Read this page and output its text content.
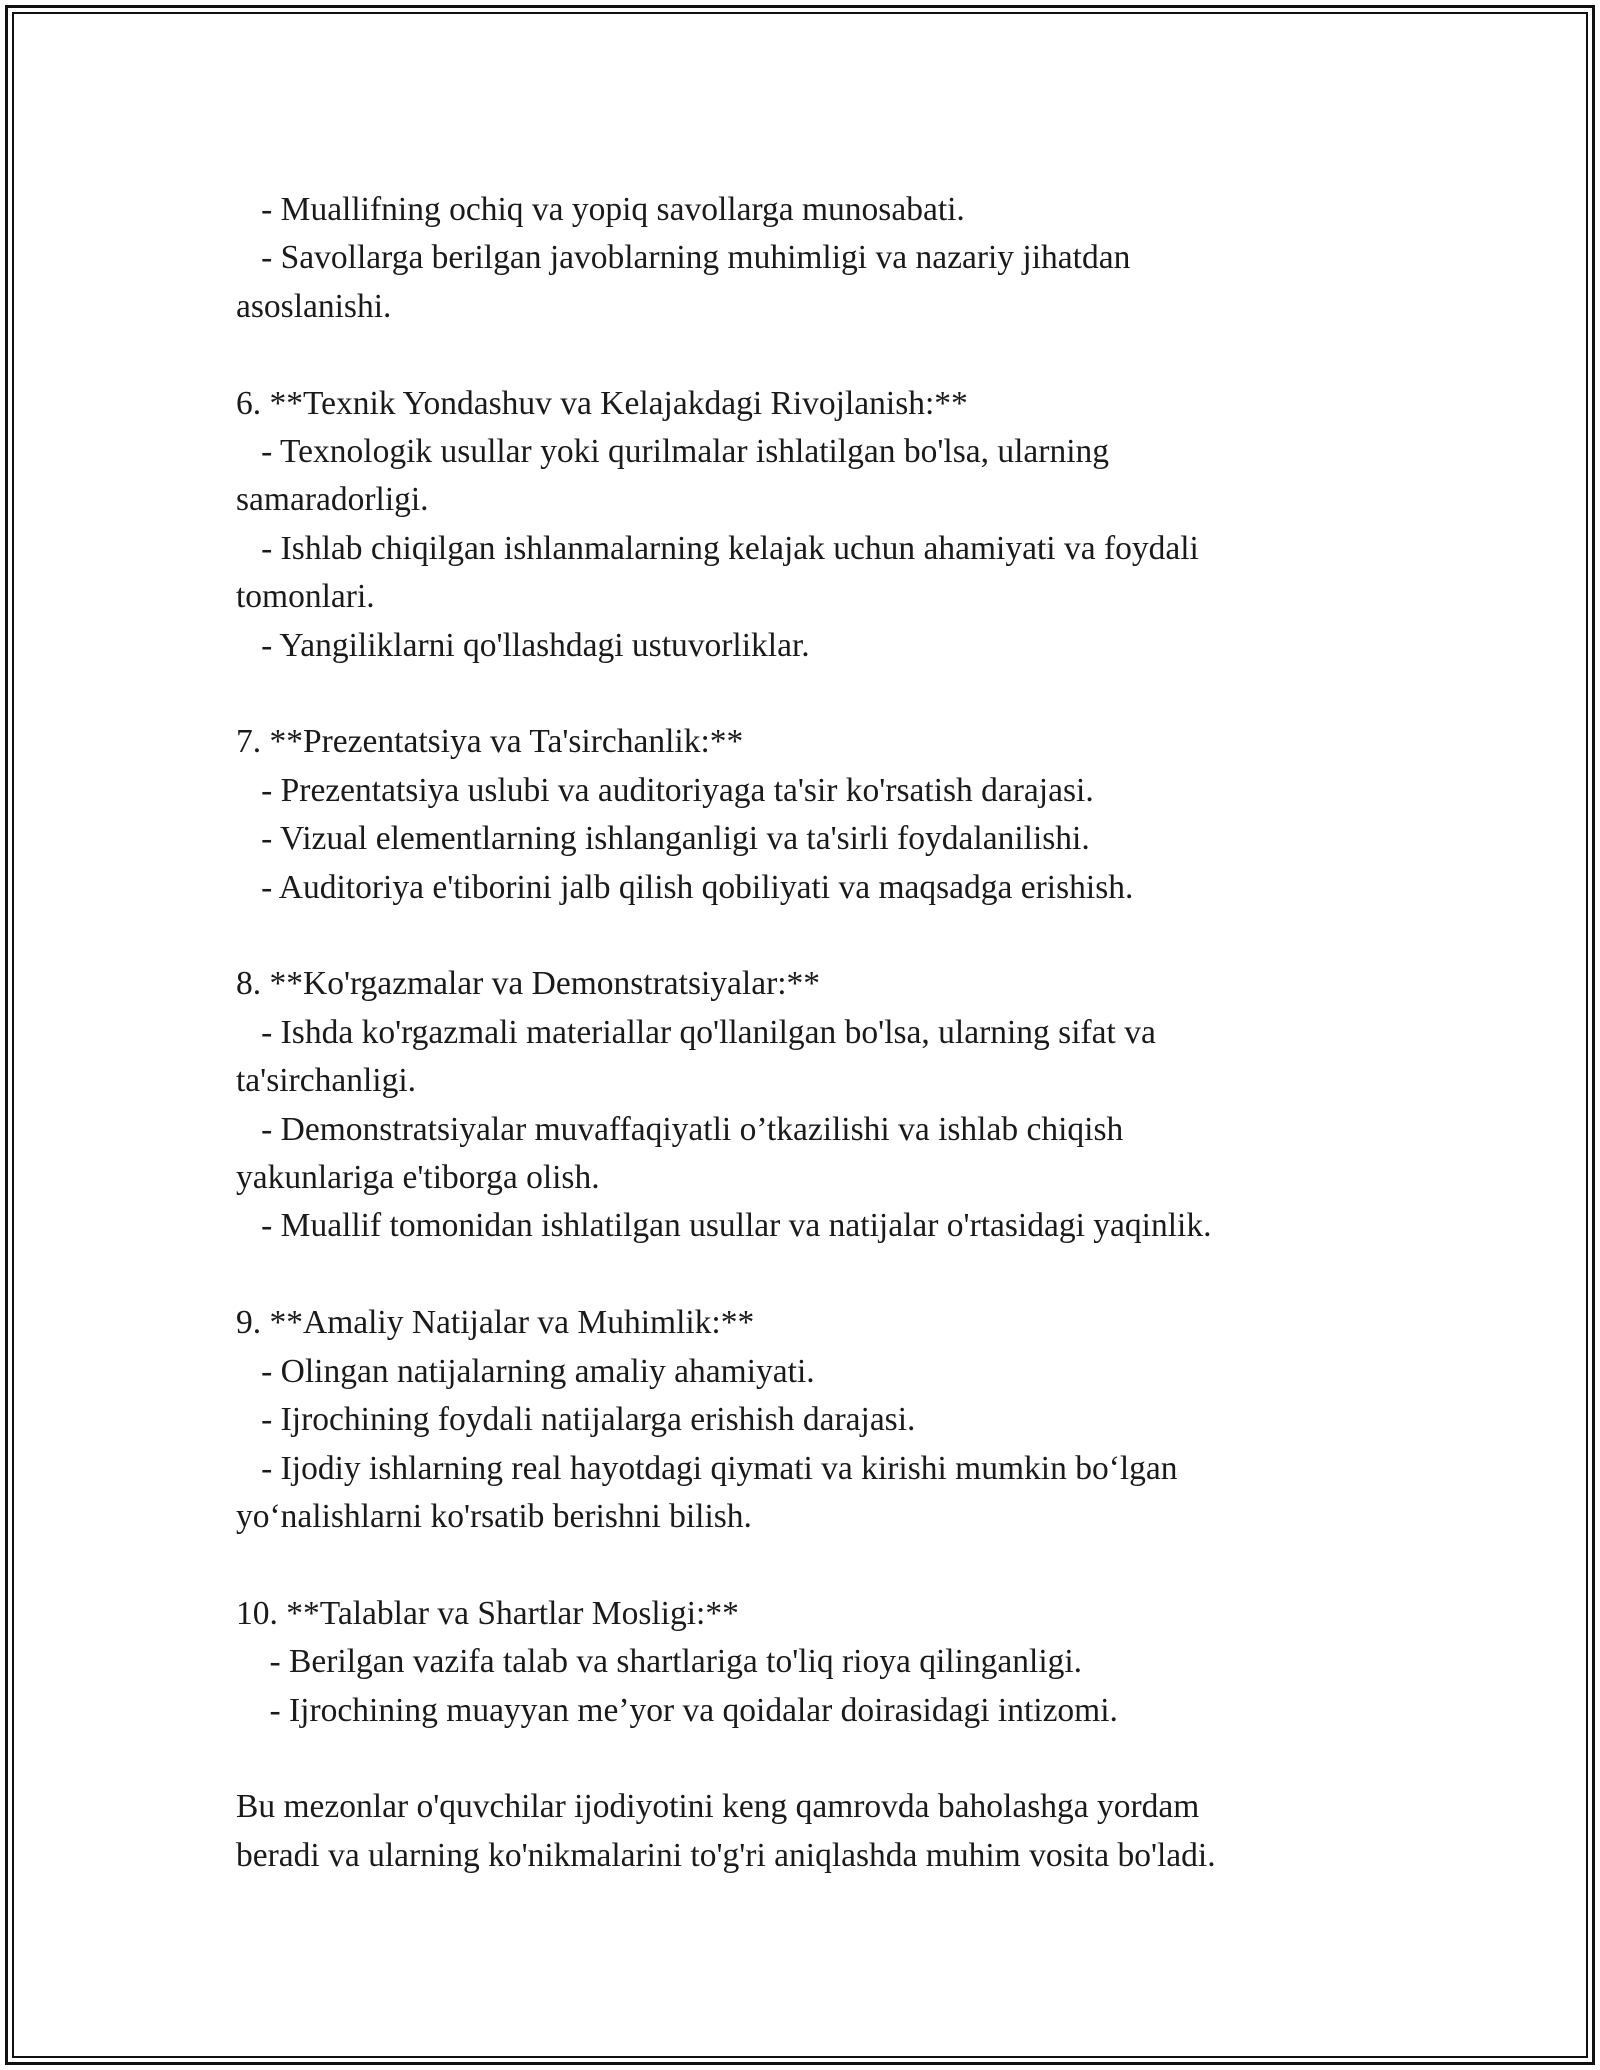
- Muallifning ochiq va yopiq savollarga munosabati.
- Savollarga berilgan javoblarning muhimligi va nazariy jihatdan
asoslanishi.
6. **Texnik Yondashuv va Kelajakdagi Rivojlanish:**
- Texnologik usullar yoki qurilmalar ishlatilgan bo'lsa, ularning
samaradorligi.
- Ishlab chiqilgan ishlanmalarning kelajak uchun ahamiyati va foydali
tomonlari.
- Yangiliklarni qo'llashdagi ustuvorliklar.
7. **Prezentatsiya va Ta'sirchanlik:**
- Prezentatsiya uslubi va auditoriyaga ta'sir ko'rsatish darajasi.
- Vizual elementlarning ishlanganligi va ta'sirli foydalanilishi.
- Auditoriya e'tiborini jalb qilish qobiliyati va maqsadga erishish.
8. **Ko'rgazmalar va Demonstratsiyalar:**
- Ishda ko'rgazmali materiallar qo'llanilgan bo'lsa, ularning sifat va
ta'sirchanligi.
- Demonstratsiyalar muvaffaqiyatli o’tkazilishi va ishlab chiqish
yakunlariga e'tiborga olish.
- Muallif tomonidan ishlatilgan usullar va natijalar o'rtasidagi yaqinlik.
9. **Amaliy Natijalar va Muhimlik:**
- Olingan natijalarning amaliy ahamiyati.
- Ijrochining foydali natijalarga erishish darajasi.
- Ijodiy ishlarning real hayotdagi qiymati va kirishi mumkin bo‘lgan
yo‘nalishlarni ko'rsatib berishni bilish.
10. **Talablar va Shartlar Mosligi:**
- Berilgan vazifa talab va shartlariga to'liq rioya qilinganligi.
- Ijrochining muayyan me’yor va qoidalar doirasidagi intizomi.
Bu mezonlar o'quvchilar ijodiyotini keng qamrovda baholashga yordam
beradi va ularning ko'nikmalarini to'g'ri aniqlashda muhim vosita bo'ladi.
